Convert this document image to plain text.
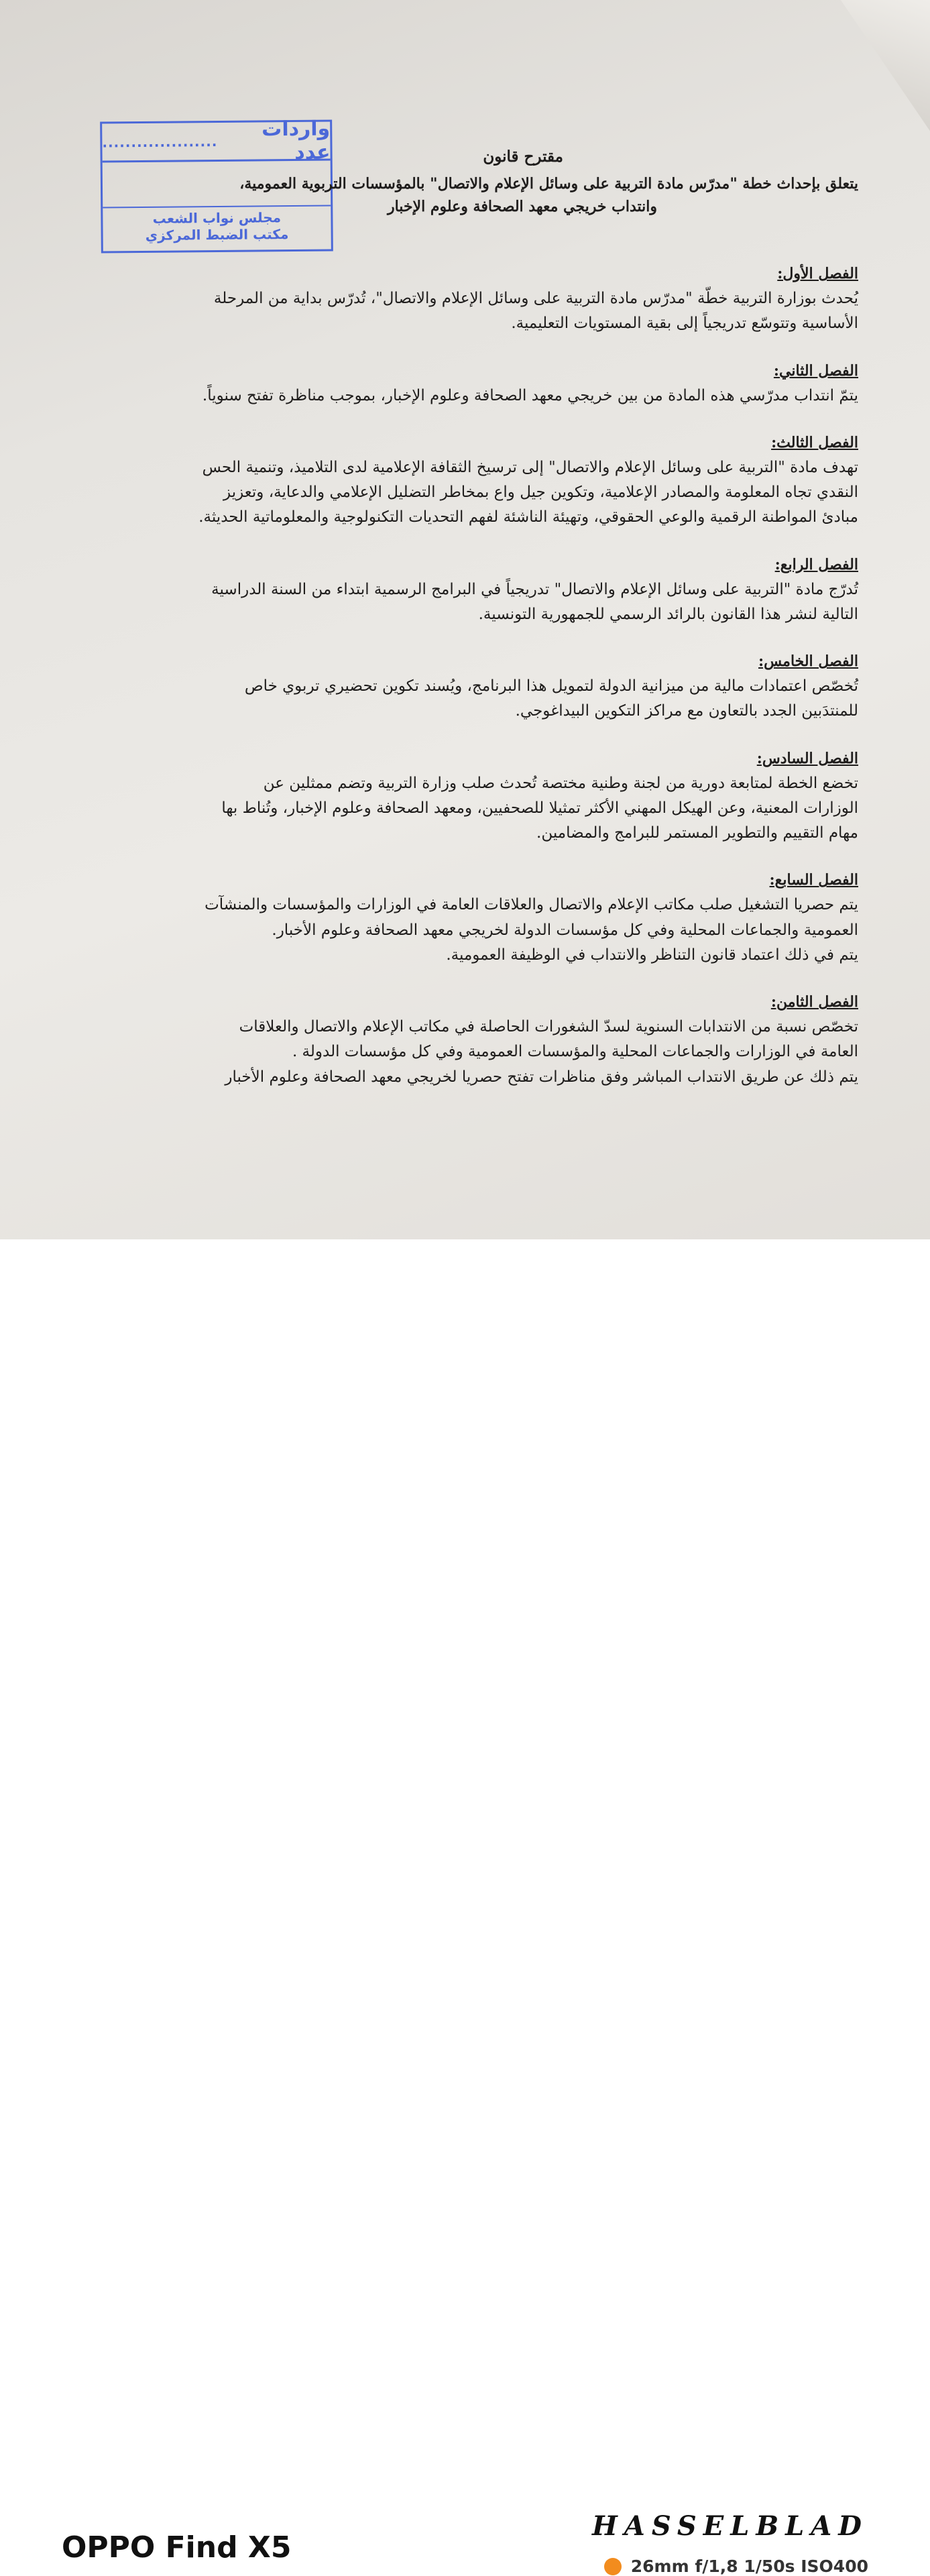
واردات عدد
....................
مجلس نواب الشعب
مكتب الضبط المركزي
مقترح قانون
يتعلق بإحداث خطة "مدرّس مادة التربية على وسائل الإعلام والاتصال" بالمؤسسات التربوية العمومية،
وانتداب خريجي معهد الصحافة وعلوم الإخبار
الفصل الأول:

يُحدث بوزارة التربية خطّة "مدرّس مادة التربية على وسائل الإعلام والاتصال"، تُدرّس بداية من المرحلة

الأساسية وتتوسّع تدريجياً إلى بقية المستويات التعليمية.

الفصل الثاني:

يتمّ انتداب مدرّسي هذه المادة من بين خريجي معهد الصحافة وعلوم الإخبار، بموجب مناظرة تفتح سنوياً.

الفصل الثالث:

تهدف مادة "التربية على وسائل الإعلام والاتصال" إلى ترسيخ الثقافة الإعلامية لدى التلاميذ، وتنمية الحس

النقدي تجاه المعلومة والمصادر الإعلامية، وتكوين جيل واع بمخاطر التضليل الإعلامي والدعاية، وتعزيز

مبادئ المواطنة الرقمية والوعي الحقوقي، وتهيئة الناشئة لفهم التحديات التكنولوجية والمعلوماتية الحديثة.

الفصل الرابع:

تُدرّج مادة "التربية على وسائل الإعلام والاتصال" تدريجياً في البرامج الرسمية ابتداء من السنة الدراسية

التالية لنشر هذا القانون بالرائد الرسمي للجمهورية التونسية.

الفصل الخامس:

تُخصّص اعتمادات مالية من ميزانية الدولة لتمويل هذا البرنامج، ويُسند تكوين تحضيري تربوي خاص

للمنتدَبين الجدد بالتعاون مع مراكز التكوين البيداغوجي.

الفصل السادس:

تخضع الخطة لمتابعة دورية من لجنة وطنية مختصة تُحدث صلب وزارة التربية وتضم ممثلين عن

الوزارات المعنية، وعن الهيكل المهني الأكثر تمثيلا للصحفيين، ومعهد الصحافة وعلوم الإخبار، وتُناط بها

مهام التقييم والتطوير المستمر للبرامج والمضامين.

الفصل السابع:

يتم حصريا التشغيل صلب مكاتب الإعلام والاتصال والعلاقات العامة في الوزارات والمؤسسات والمنشآت

العمومية والجماعات المحلية وفي كل مؤسسات الدولة لخريجي معهد الصحافة وعلوم الأخبار.

يتم في ذلك اعتماد قانون التناظر والانتداب في الوظيفة العمومية.

الفصل الثامن:

تخصّص نسبة من الانتدابات السنوية لسدّ الشغورات الحاصلة في مكاتب الإعلام والاتصال والعلاقات

العامة في الوزارات والجماعات المحلية والمؤسسات العمومية وفي كل مؤسسات الدولة .

يتم ذلك عن طريق الانتداب المباشر وفق مناظرات تفتح حصريا لخريجي معهد الصحافة وعلوم الأخبار

OPPO Find X5
HASSELBLAD
26mm f/1,8 1/50s ISO400
